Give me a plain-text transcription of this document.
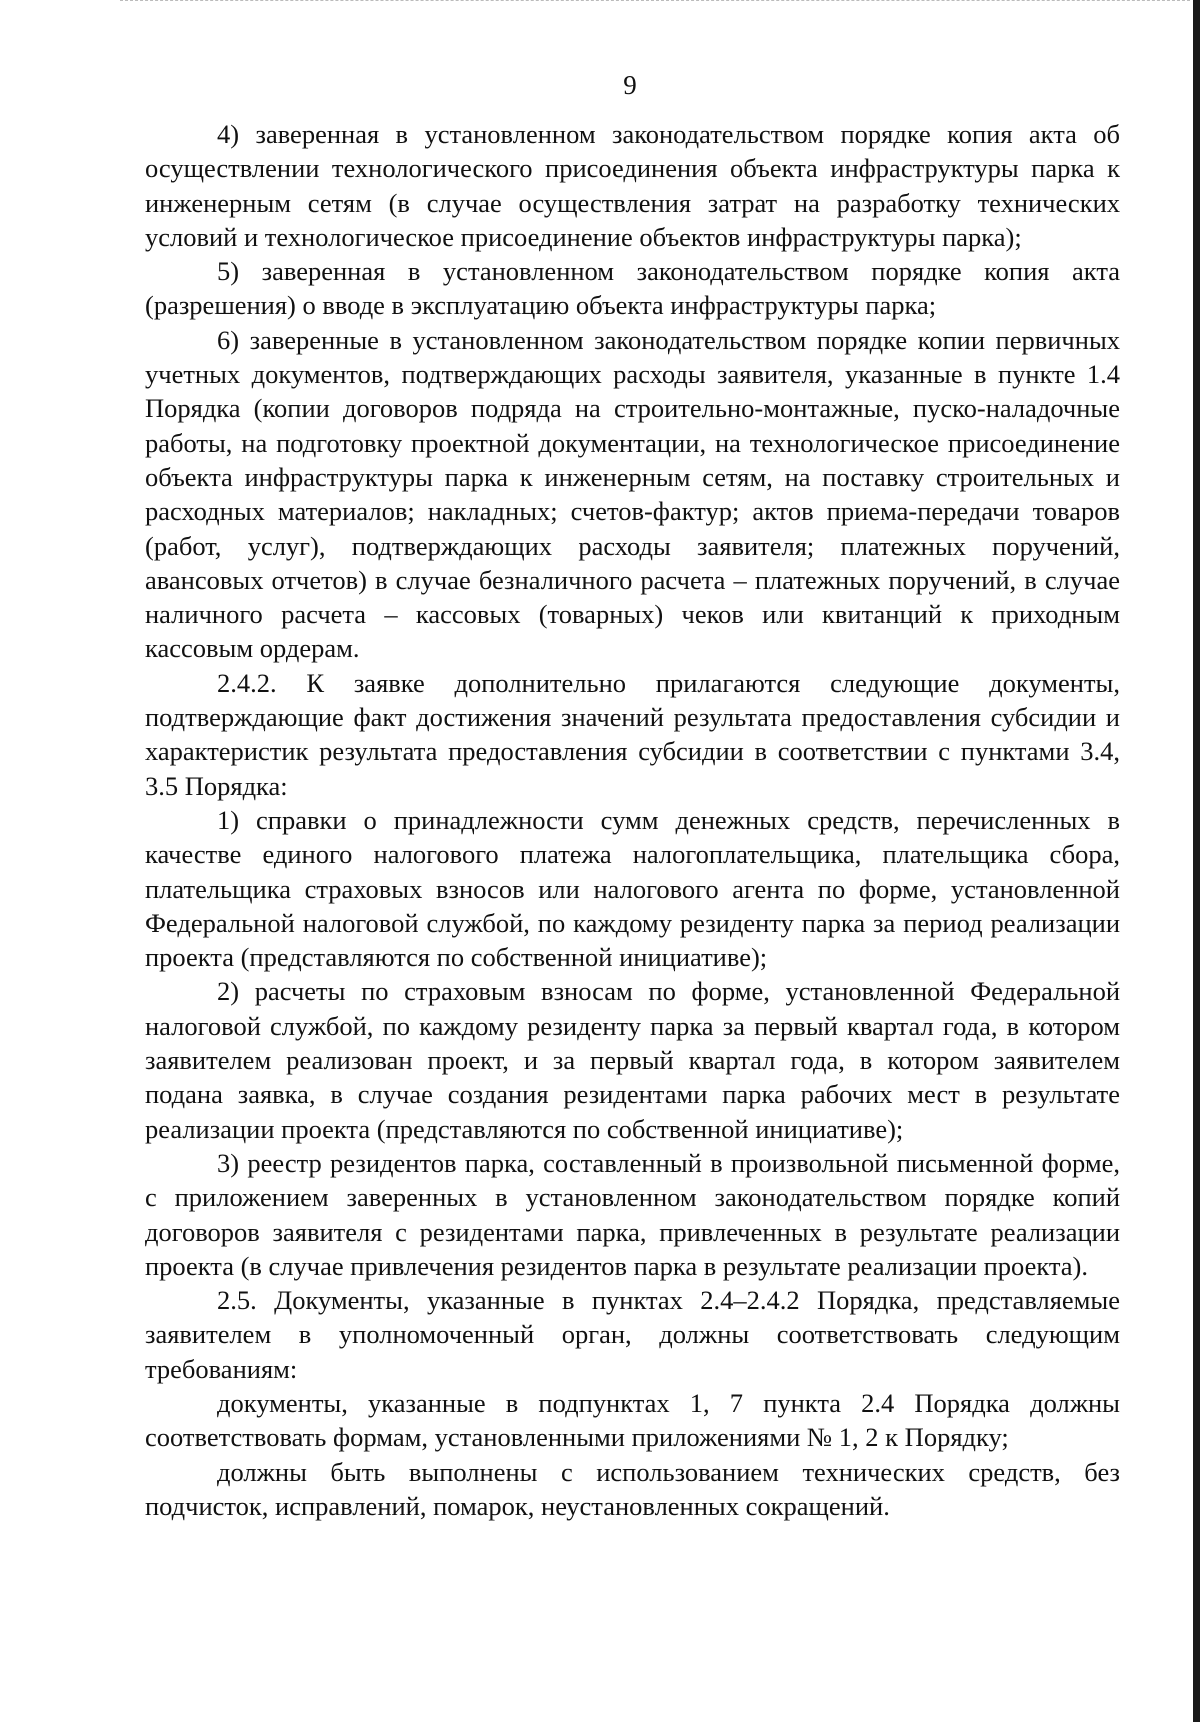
9

4) заверенная в установленном законодательством порядке копия акта об осуществлении технологического присоединения объекта инфраструктуры парка к инженерным сетям (в случае осуществления затрат на разработку технических условий и технологическое присоединение объектов инфраструктуры парка);

5) заверенная в установленном законодательством порядке копия акта (разрешения) о вводе в эксплуатацию объекта инфраструктуры парка;

6) заверенные в установленном законодательством порядке копии первичных учетных документов, подтверждающих расходы заявителя, указанные в пункте 1.4 Порядка (копии договоров подряда на строительно-монтажные, пуско-наладочные работы, на подготовку проектной документации, на технологическое присоединение объекта инфраструктуры парка к инженерным сетям, на поставку строительных и расходных материалов; накладных; счетов-фактур; актов приема-передачи товаров (работ, услуг), подтверждающих расходы заявителя; платежных поручений, авансовых отчетов) в случае безналичного расчета – платежных поручений, в случае наличного расчета – кассовых (товарных) чеков или квитанций к приходным кассовым ордерам.

2.4.2. К заявке дополнительно прилагаются следующие документы, подтверждающие факт достижения значений результата предоставления субсидии и характеристик результата предоставления субсидии в соответствии с пунктами 3.4, 3.5 Порядка:

1) справки о принадлежности сумм денежных средств, перечисленных в качестве единого налогового платежа налогоплательщика, плательщика сбора, плательщика страховых взносов или налогового агента по форме, установленной Федеральной налоговой службой, по каждому резиденту парка за период реализации проекта (представляются по собственной инициативе);

2) расчеты по страховым взносам по форме, установленной Федеральной налоговой службой, по каждому резиденту парка за первый квартал года, в котором заявителем реализован проект, и за первый квартал года, в котором заявителем подана заявка, в случае создания резидентами парка рабочих мест в результате реализации проекта (представляются по собственной инициативе);

3) реестр резидентов парка, составленный в произвольной письменной форме, с приложением заверенных в установленном законодательством порядке копий договоров заявителя с резидентами парка, привлеченных в результате реализации проекта (в случае привлечения резидентов парка в результате реализации проекта).

2.5. Документы, указанные в пунктах 2.4–2.4.2 Порядка, представляемые заявителем в уполномоченный орган, должны соответствовать следующим требованиям:

документы, указанные в подпунктах 1, 7 пункта 2.4 Порядка должны соответствовать формам, установленными приложениями № 1, 2 к Порядку;

должны быть выполнены с использованием технических средств, без подчисток, исправлений, помарок, неустановленных сокращений.
